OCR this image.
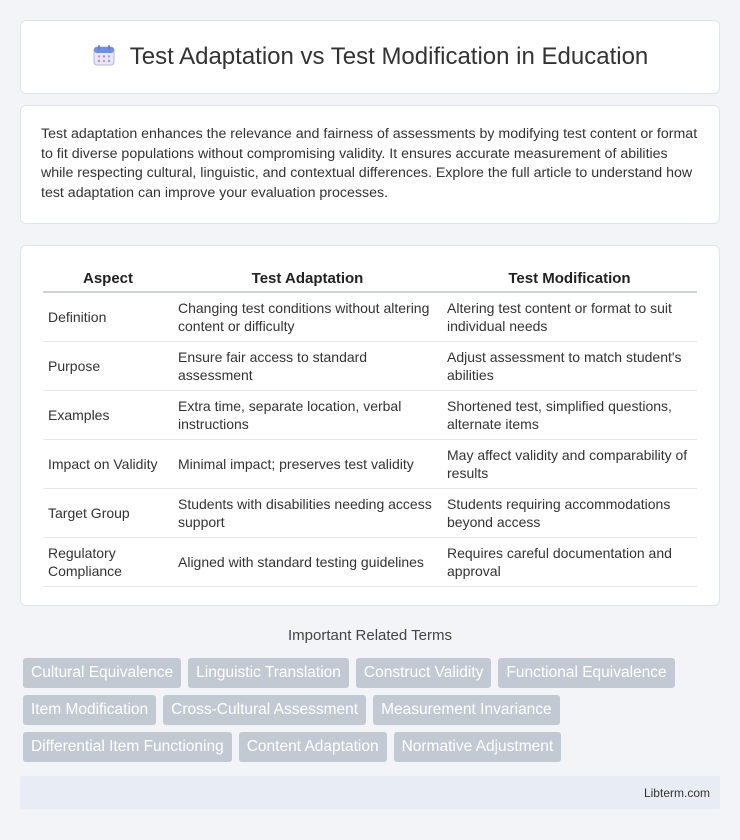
Test Adaptation vs Test Modification in Education

Test adaptation enhances the relevance and fairness of assessments by modifying test content or format to fit diverse populations without compromising validity. It ensures accurate measurement of abilities while respecting cultural, linguistic, and contextual differences. Explore the full article to understand how test adaptation can improve your evaluation processes.

Aspect	Test Adaptation	Test Modification
Definition	Changing test conditions without altering content or difficulty	Altering test content or format to suit individual needs
Purpose	Ensure fair access to standard assessment	Adjust assessment to match student's abilities
Examples	Extra time, separate location, verbal instructions	Shortened test, simplified questions, alternate items
Impact on Validity	Minimal impact; preserves test validity	May affect validity and comparability of results
Target Group	Students with disabilities needing access support	Students requiring accommodations beyond access
Regulatory Compliance	Aligned with standard testing guidelines	Requires careful documentation and approval
Important Related Terms
Cultural Equivalence	Linguistic Translation	Construct Validity	Functional Equivalence
Item Modification	Cross-Cultural Assessment	Measurement Invariance
Differential Item Functioning	Content Adaptation	Normative Adjustment
Libterm.com
